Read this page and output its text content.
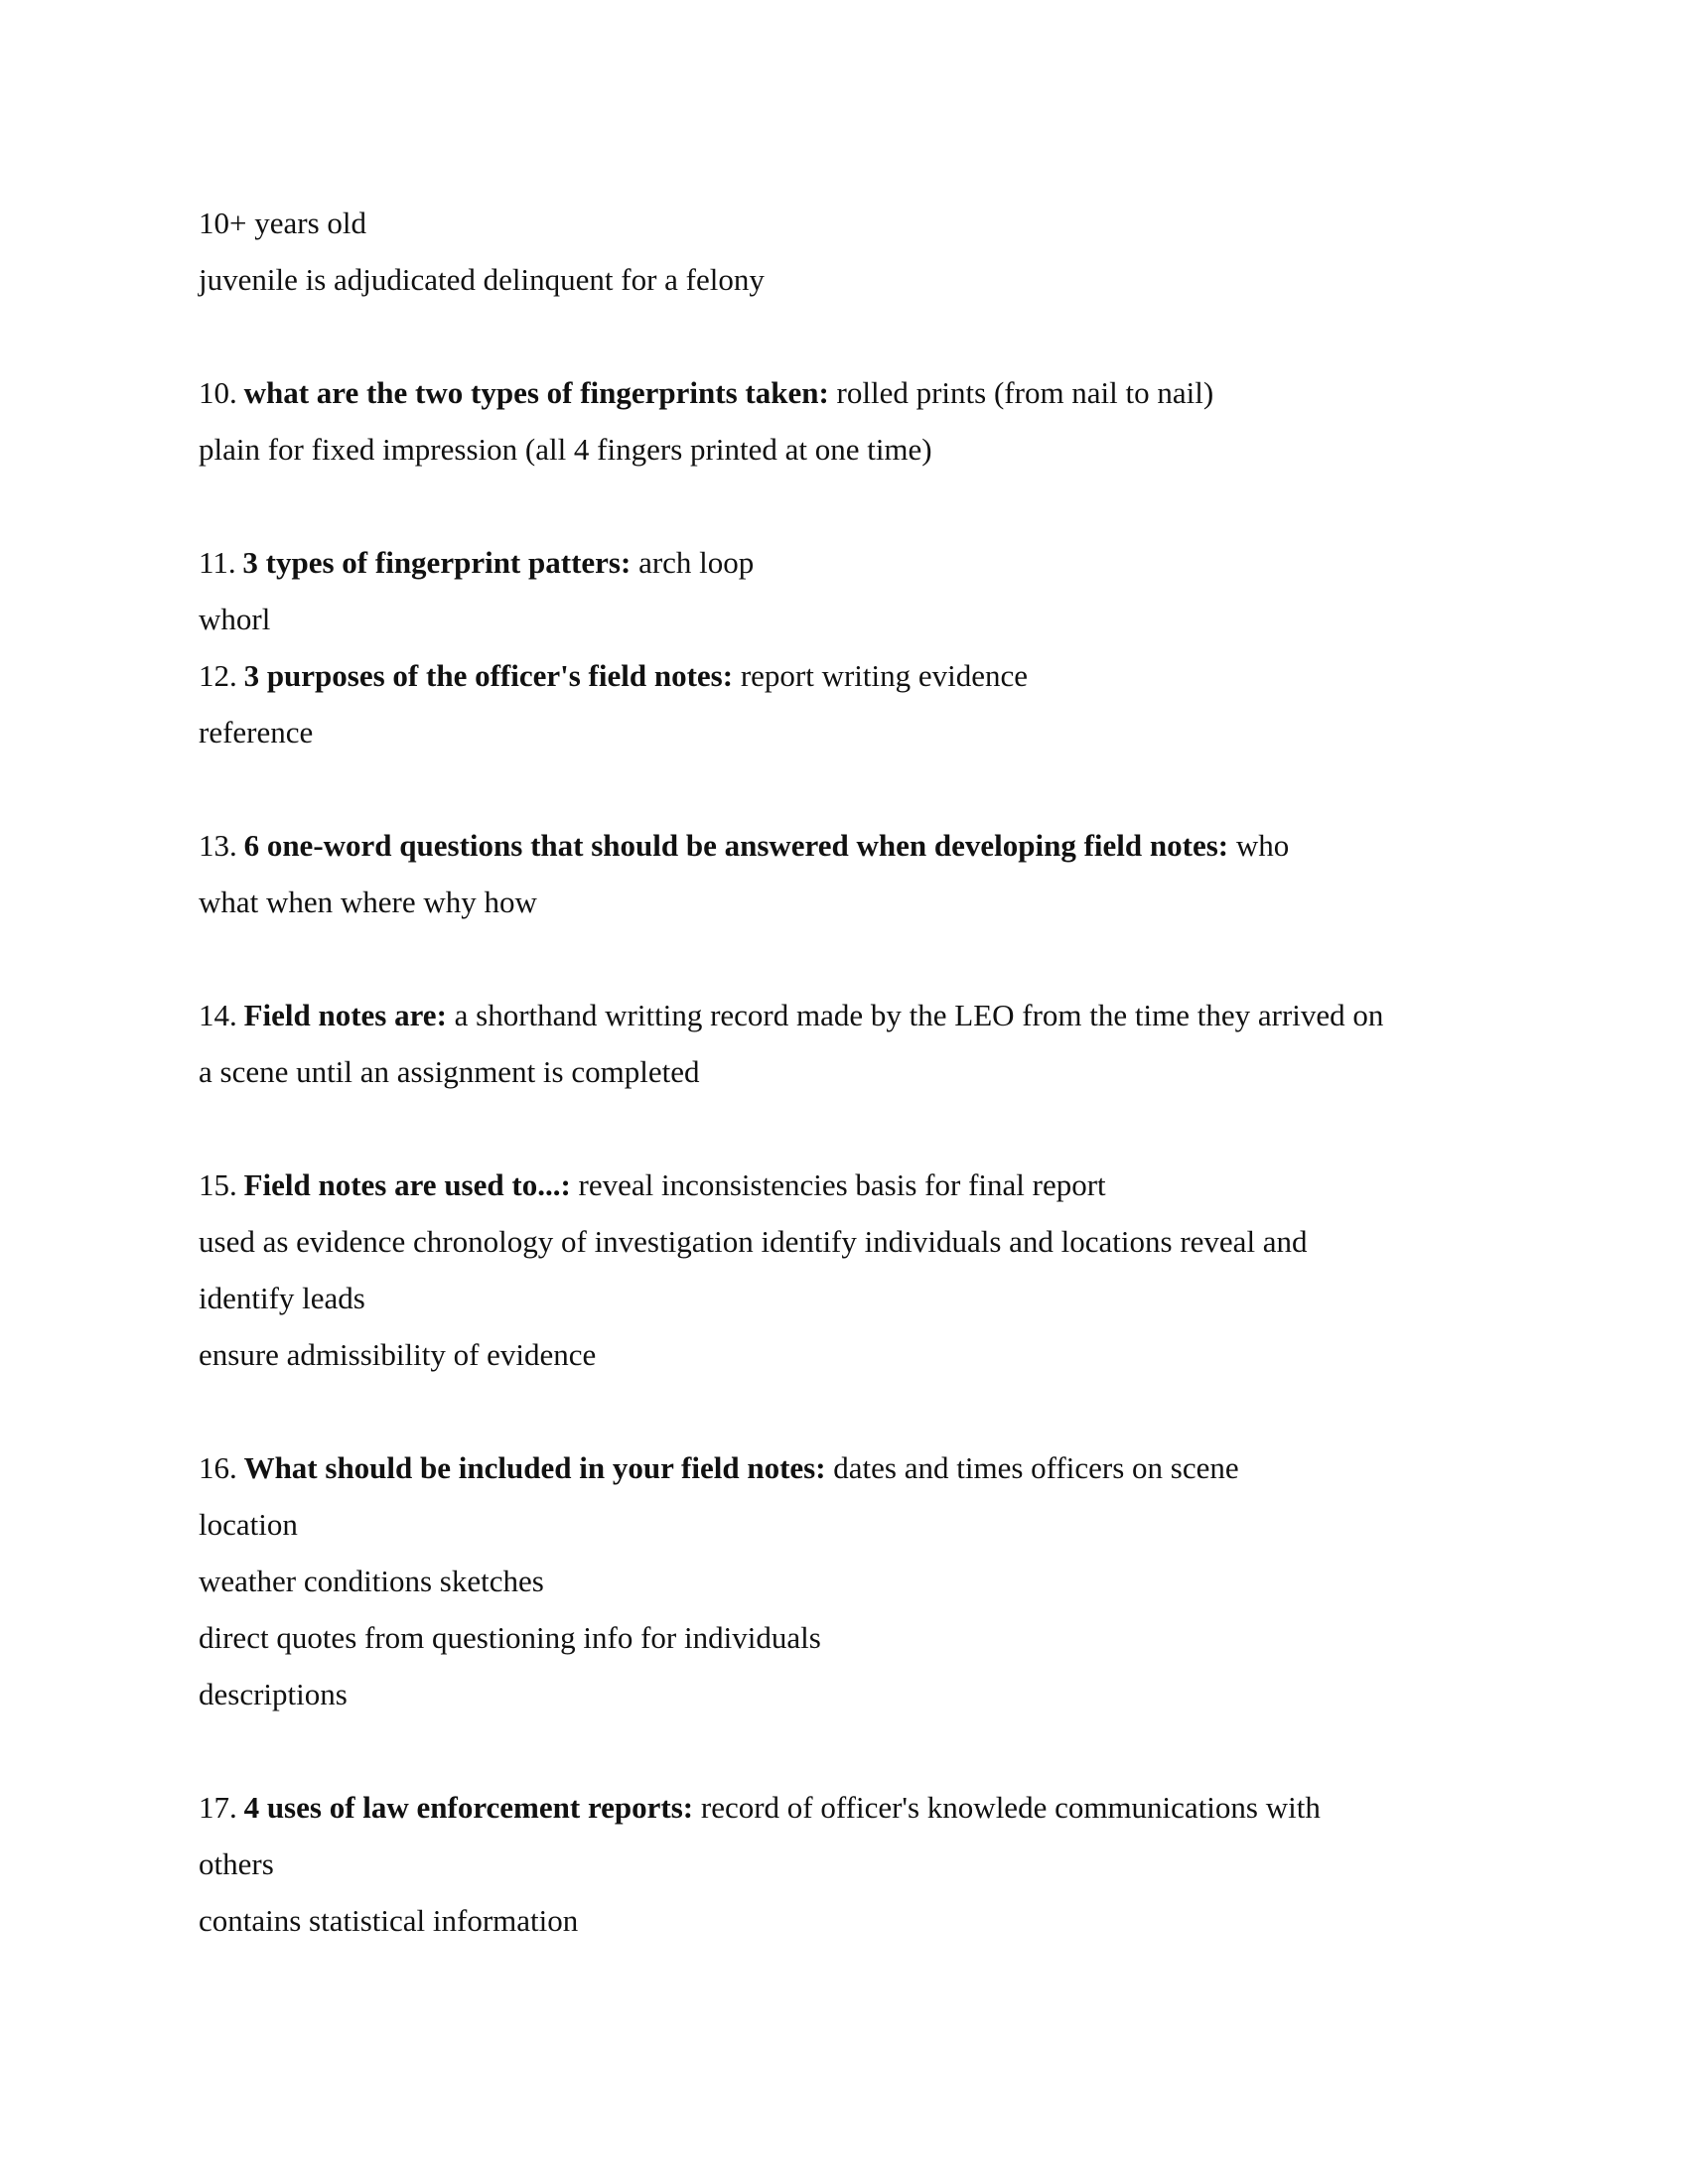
10+ years old
juvenile is adjudicated delinquent for a felony
10. what are the two types of fingerprints taken: rolled prints (from nail to nail)
plain for fixed impression (all 4 fingers printed at one time)
11. 3 types of fingerprint patters: arch loop
whorl
12. 3 purposes of the officer's field notes: report writing evidence
reference
13. 6 one-word questions that should be answered when developing field notes: who
what when where why how
14. Field notes are: a shorthand writting record made by the LEO from the time they arrived on
a scene until an assignment is completed
15. Field notes are used to...: reveal inconsistencies basis for final report
used as evidence chronology of investigation identify individuals and locations reveal and
identify leads
ensure admissibility of evidence
16. What should be included in your field notes: dates and times officers on scene
location
weather conditions sketches
direct quotes from questioning info for individuals
descriptions
17. 4 uses of law enforcement reports: record of officer's knowlede communications with
others
contains statistical information
